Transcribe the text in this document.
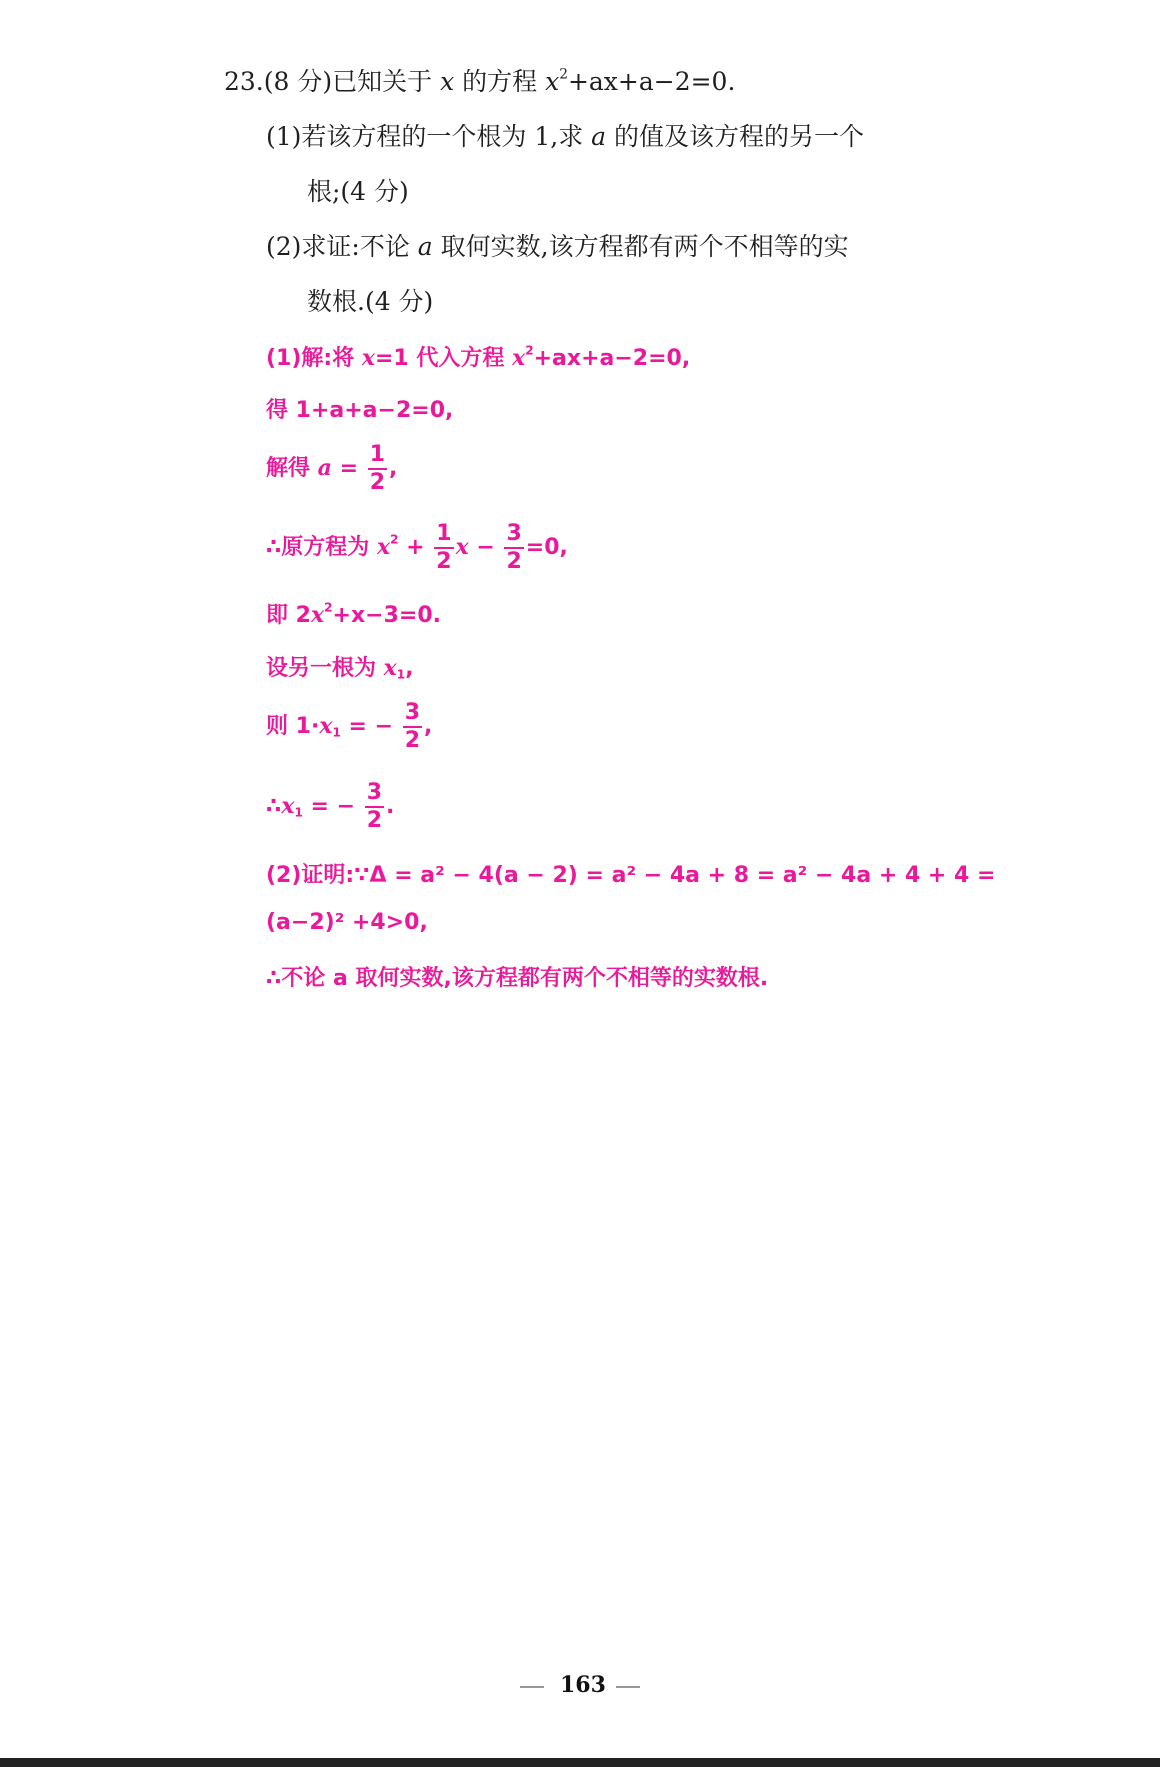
23.(8 分)已知关于 x 的方程 $x^2+ax+a-2=0$.
(1)若该方程的一个根为 1,求 a 的值及该方程的另一个
根;(4 分)
(2)求证:不论 a 取何实数,该方程都有两个不相等的实
数根.(4 分)
(1)解:将 x=1 代入方程 $x^2+ax+a-2=0$,
得 1+a+a−2=0,
解得 $a = \frac{1}{2}$ ,
∴原方程为 $x^2 + \frac{1}{2}$ $x - \frac{3}{2} =0$,
即 $2x^2+x-3=0$.
设另一根为 $x_1$,
则 $1\cdot x_1$ = − $\frac{3}{2}$ ,
$\therefore x_1$ = − $\frac{3}{2}$ .
(2)证明:∵Δ = a² − 4(a − 2) = a² − 4a + 8 = a² − 4a + 4 + 4 =
(a−2)² +4>0,
∴不论 a 取何实数,该方程都有两个不相等的实数根.
163
